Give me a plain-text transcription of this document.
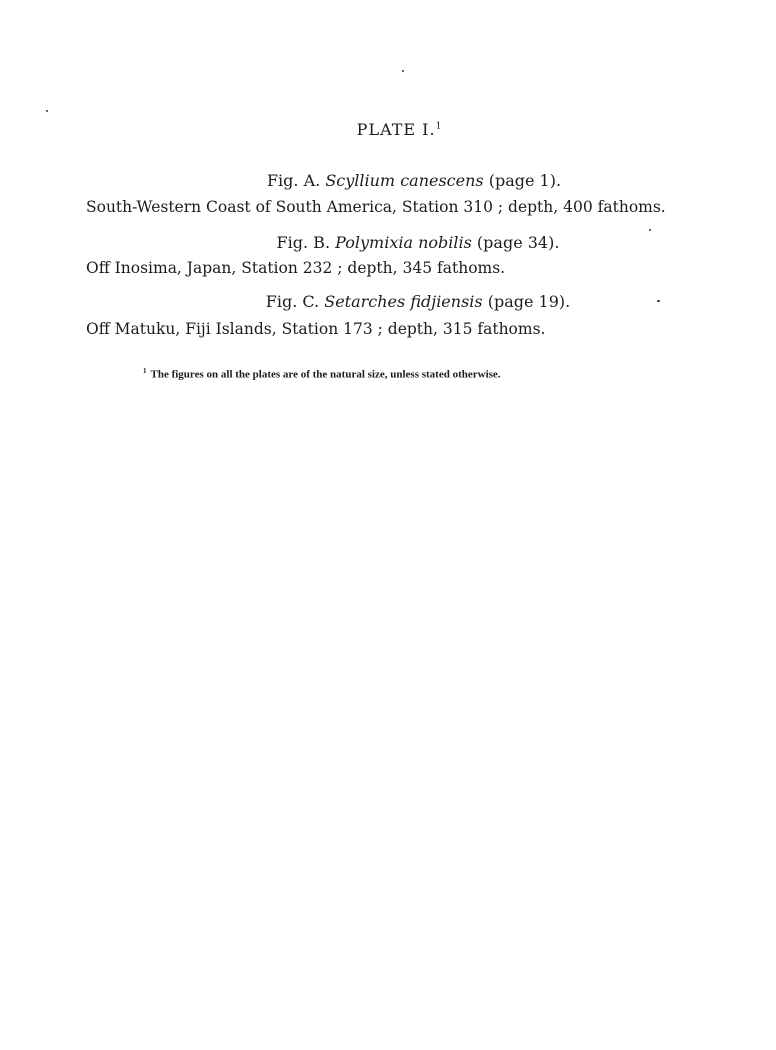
PLATE I.$^1$
Fig. A. Scyllium canescens (page 1).
South-Western Coast of South America, Station 310 ; depth, 400 fathoms.
Fig. B. Polymixia nobilis (page 34).
Off Inosima, Japan, Station 232 ; depth, 345 fathoms.
Fig. C. Setarches fidjiensis (page 19).
Off Matuku, Fiji Islands, Station 173 ; depth, 315 fathoms.
$^1$ The figures on all the plates are of the natural size, unless stated otherwise.
